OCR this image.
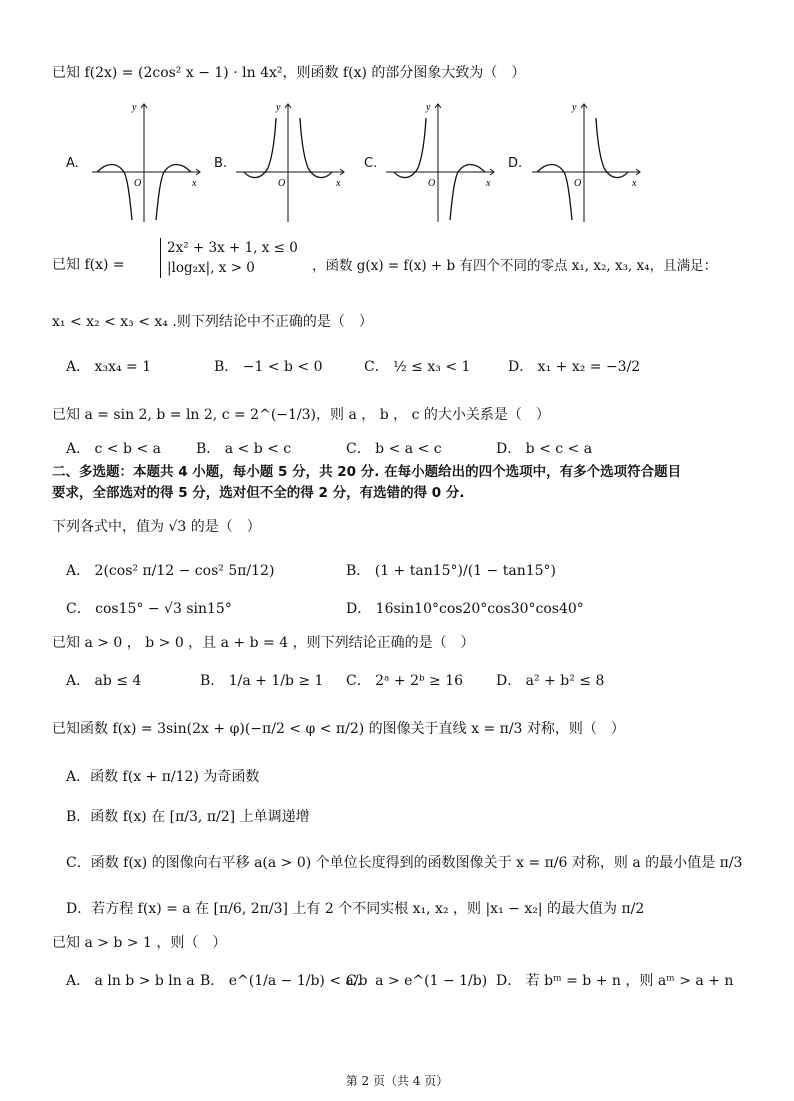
已知 f(2x) = (2cos² x − 1) · ln 4x²，则函数 f(x) 的部分图象大致为（　）
A.
y
O	x
B.
y
O	x
C.
y
O	x
D.
y
O	x
已知 f(x) =
2x² + 3x + 1, x ≤ 0
|log₂x|, x > 0	，函数 g(x) = f(x) + b 有四个不同的零点 x₁, x₂, x₃, x₄，且满足：
x₁ < x₂ < x₃ < x₄ .则下列结论中不正确的是（　）
A． x₃x₄ = 1	B． −1 < b < 0	C． ½ ≤ x₃ < 1	D． x₁ + x₂ = −3/2
已知 a = sin 2, b = ln 2, c = 2^(−1/3)，则 a ， b ， c 的大小关系是（　）
A． c < b < a	B． a < b < c	C． b < a < c	D． b < c < a
二、多选题：本题共 4 小题，每小题 5 分，共 20 分. 在每小题给出的四个选项中，有多个选项符合题目
要求，全部选对的得 5 分，选对但不全的得 2 分，有选错的得 0 分.
下列各式中，值为 √3 的是（　）
A． 2(cos² π/12 − cos² 5π/12)	B． (1 + tan15°)/(1 − tan15°)
C． cos15° − √3 sin15°	D． 16sin10°cos20°cos30°cos40°
已知 a > 0 ， b > 0 ，且 a + b = 4 ，则下列结论正确的是（　）
A． ab ≤ 4	B． 1/a + 1/b ≥ 1 C． 2ᵃ + 2ᵇ ≥ 16 D． a² + b² ≤ 8
已知函数 f(x) = 3sin(2x + φ)(−π/2 < φ < π/2) 的图像关于直线 x = π/3 对称，则（　）
A．函数 f(x + π/12) 为奇函数
B．函数 f(x) 在 [π/3, π/2] 上单调递增
C．函数 f(x) 的图像向右平移 a(a > 0) 个单位长度得到的函数图像关于 x = π/6 对称，则 a 的最小值是 π/3
D．若方程 f(x) = a 在 [π/6, 2π/3] 上有 2 个不同实根 x₁, x₂ ，则 |x₁ − x₂| 的最大值为 π/2
已知 a > b > 1 ，则（　）
A． a ln b > b ln a B． e^(1/a − 1/b) < a/b
C． a > e^(1 − 1/b) D． 若 bᵐ = b + n ，则 aᵐ > a + n
第 2 页（共 4 页）
